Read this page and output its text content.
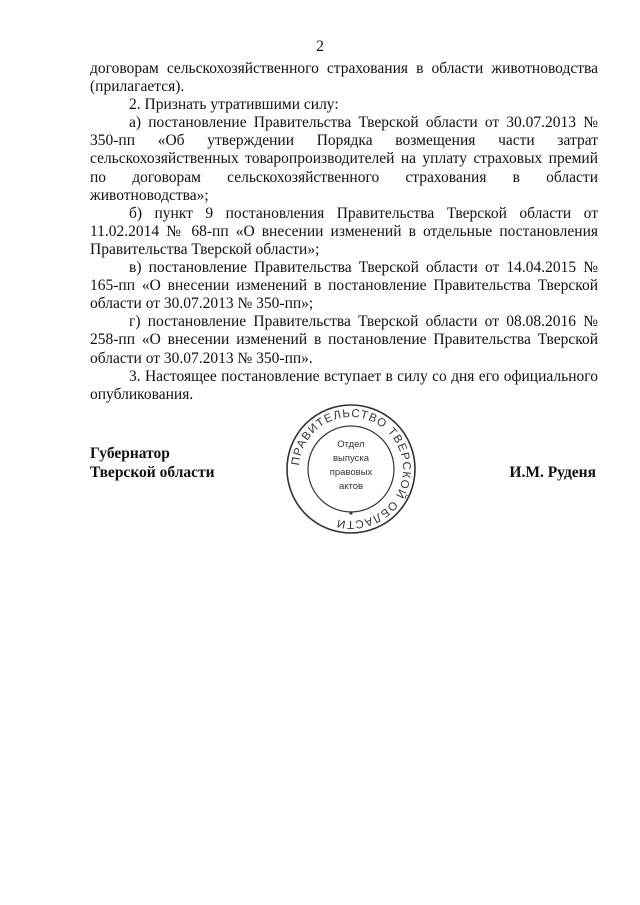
2

договорам сельскохозяйственного страхования в области животноводства (прилагается).

2. Признать утратившими силу:

а) постановление Правительства Тверской области от 30.07.2013 № 350-пп «Об утверждении Порядка возмещения части затрат сельскохозяйственных товаропроизводителей на уплату страховых премий по договорам сельскохозяйственного страхования в области животноводства»;

б) пункт 9 постановления Правительства Тверской области от 11.02.2014 № 68-пп «О внесении изменений в отдельные постановления Правительства Тверской области»;

в) постановление Правительства Тверской области от 14.04.2015 № 165-пп «О внесении изменений в постановление Правительства Тверской области от 30.07.2013 № 350-пп»;

г) постановление Правительства Тверской области от 08.08.2016 № 258-пп «О внесении изменений в постановление Правительства Тверской области от 30.07.2013 № 350-пп».

3. Настоящее постановление вступает в силу со дня его официального опубликования.

Губернатор
Тверской области	И.М. Руденя
ПРАВИТЕЛЬСТВО ТВЕРСКОЙ ОБЛАСТИ
Отдел
выпуска
правовых
актов
